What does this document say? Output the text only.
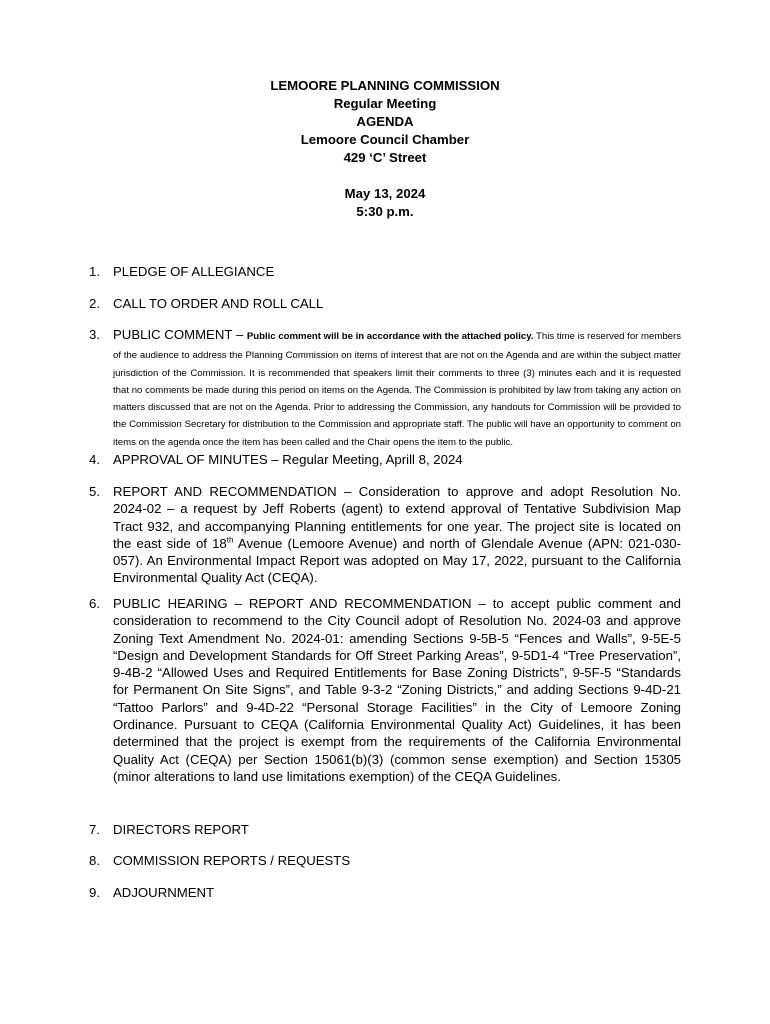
LEMOORE PLANNING COMMISSION
Regular Meeting
AGENDA
Lemoore Council Chamber
429 ‘C’ Street
May 13, 2024
5:30 p.m.
1. PLEDGE OF ALLEGIANCE
2. CALL TO ORDER AND ROLL CALL
3. PUBLIC COMMENT – Public comment will be in accordance with the attached policy. This time is reserved for members of the audience to address the Planning Commission on items of interest that are not on the Agenda and are within the subject matter jurisdiction of the Commission. It is recommended that speakers limit their comments to three (3) minutes each and it is requested that no comments be made during this period on items on the Agenda. The Commission is prohibited by law from taking any action on matters discussed that are not on the Agenda. Prior to addressing the Commission, any handouts for Commission will be provided to the Commission Secretary for distribution to the Commission and appropriate staff. The public will have an opportunity to comment on items on the agenda once the item has been called and the Chair opens the item to the public.
4. APPROVAL OF MINUTES – Regular Meeting, Aprill 8, 2024
5. REPORT AND RECOMMENDATION – Consideration to approve and adopt Resolution No. 2024-02 – a request by Jeff Roberts (agent) to extend approval of Tentative Subdivision Map Tract 932, and accompanying Planning entitlements for one year. The project site is located on the east side of 18th Avenue (Lemoore Avenue) and north of Glendale Avenue (APN: 021-030-057). An Environmental Impact Report was adopted on May 17, 2022, pursuant to the California Environmental Quality Act (CEQA).
6. PUBLIC HEARING – REPORT AND RECOMMENDATION – to accept public comment and consideration to recommend to the City Council adopt of Resolution No. 2024-03 and approve Zoning Text Amendment No. 2024-01: amending Sections 9-5B-5 “Fences and Walls”, 9-5E-5 “Design and Development Standards for Off Street Parking Areas”, 9-5D1-4 “Tree Preservation”, 9-4B-2 “Allowed Uses and Required Entitlements for Base Zoning Districts”, 9-5F-5 “Standards for Permanent On Site Signs”, and Table 9-3-2 “Zoning Districts,” and adding Sections 9-4D-21 “Tattoo Parlors” and 9-4D-22 “Personal Storage Facilities” in the City of Lemoore Zoning Ordinance. Pursuant to CEQA (California Environmental Quality Act) Guidelines, it has been determined that the project is exempt from the requirements of the California Environmental Quality Act (CEQA) per Section 15061(b)(3) (common sense exemption) and Section 15305 (minor alterations to land use limitations exemption) of the CEQA Guidelines.
7. DIRECTORS REPORT
8. COMMISSION REPORTS / REQUESTS
9. ADJOURNMENT
